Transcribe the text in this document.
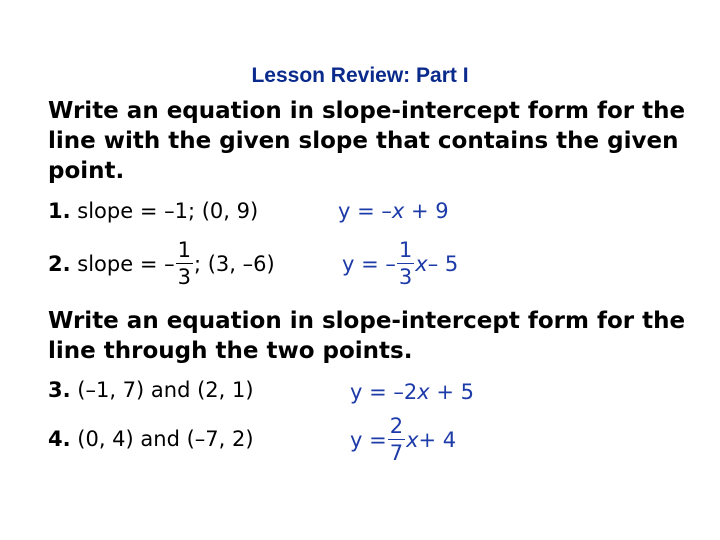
Lesson Review: Part I
Write an equation in slope-intercept form for the line with the given slope that contains the given point.
1. slope = –1; (0, 9)	y = –x + 9
2. slope = – $\frac{1}{3}$ ; (3, –6)	y = – $\frac{1}{3} x-$ 5
Write an equation in slope-intercept form for the line through the two points.
3. (–1, 7) and (2, 1)	y = –2x + 5
4. (0, 4) and (–7, 2)	$y = \frac{2}{7} x+ 4$
